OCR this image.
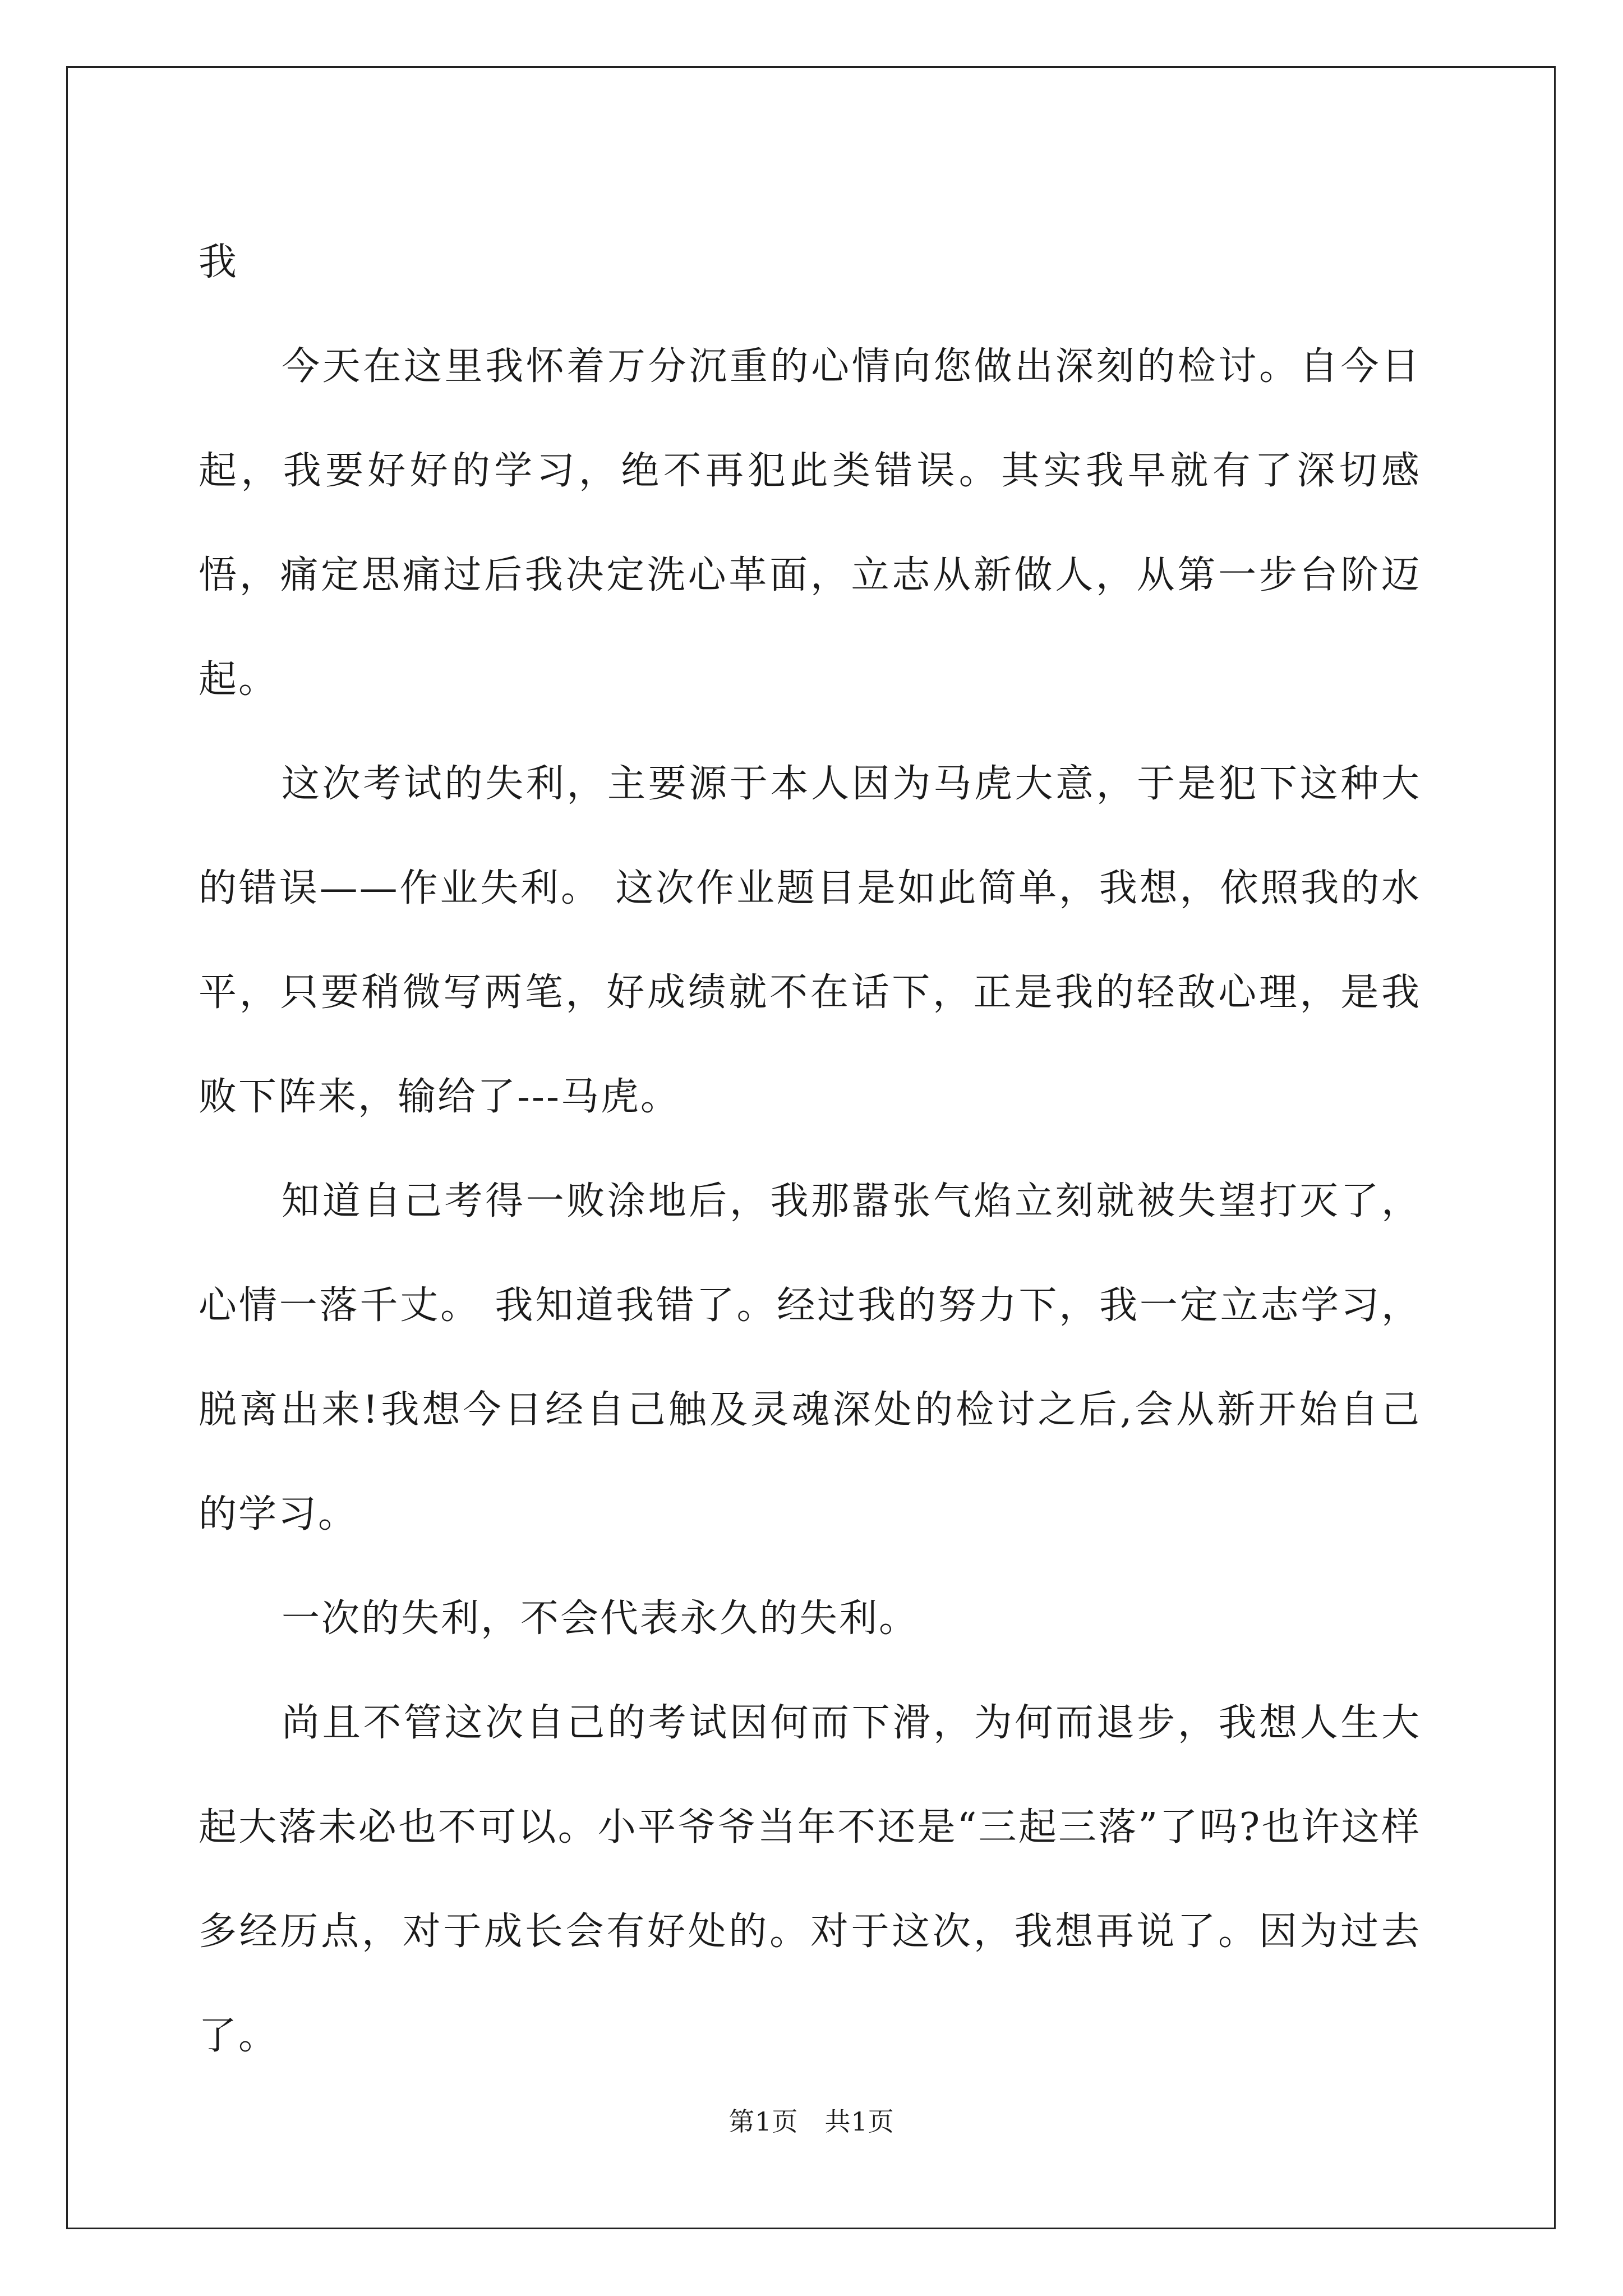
我

今天在这里我怀着万分沉重的心情向您做出深刻的检讨。自今日起，我要好好的学习，绝不再犯此类错误。其实我早就有了深切感悟，痛定思痛过后我决定洗心革面，立志从新做人，从第一步台阶迈起。

这次考试的失利，主要源于本人因为马虎大意，于是犯下这种大的错误——作业失利。 这次作业题目是如此简单，我想，依照我的水平，只要稍微写两笔，好成绩就不在话下，正是我的轻敌心理，是我败下阵来，输给了---马虎。

知道自己考得一败涂地后，我那嚣张气焰立刻就被失望打灭了，心情一落千丈。 我知道我错了。经过我的努力下，我一定立志学习，脱离出来!我想今日经自己触及灵魂深处的检讨之后,会从新开始自己的学习。

一次的失利，不会代表永久的失利。

尚且不管这次自己的考试因何而下滑，为何而退步，我想人生大起大落未必也不可以。小平爷爷当年不还是“三起三落”了吗?也许这样多经历点，对于成长会有好处的。对于这次，我想再说了。因为过去了。

第1页　共1页
